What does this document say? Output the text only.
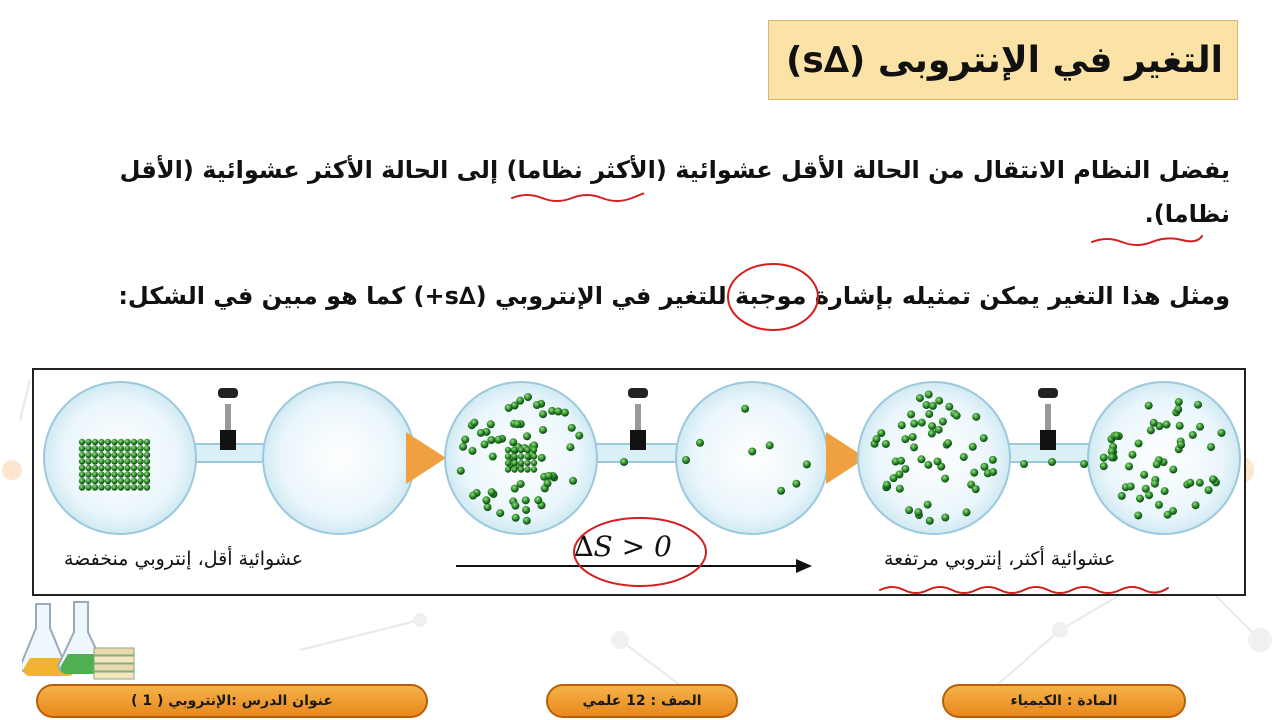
التغير في الإنتروبى (∆s)

يفضل النظام الانتقال من الحالة الأقل عشوائية (الأكثر نظاما) إلى الحالة الأكثر عشوائية (الأقل نظاما).

ومثل هذا التغير يمكن تمثيله بإشارة موجبة للتغير في الإنتروبي (∆s+) كما هو مبين في الشكل:

∆S > 0
عشوائية أقل، إنتروبي منخفضة	عشوائية أكثر، إنتروبي مرتفعة
عنوان الدرس :الإنتروبي ( 1 )	الصف : 12 علمي	المادة : الكيمياء
